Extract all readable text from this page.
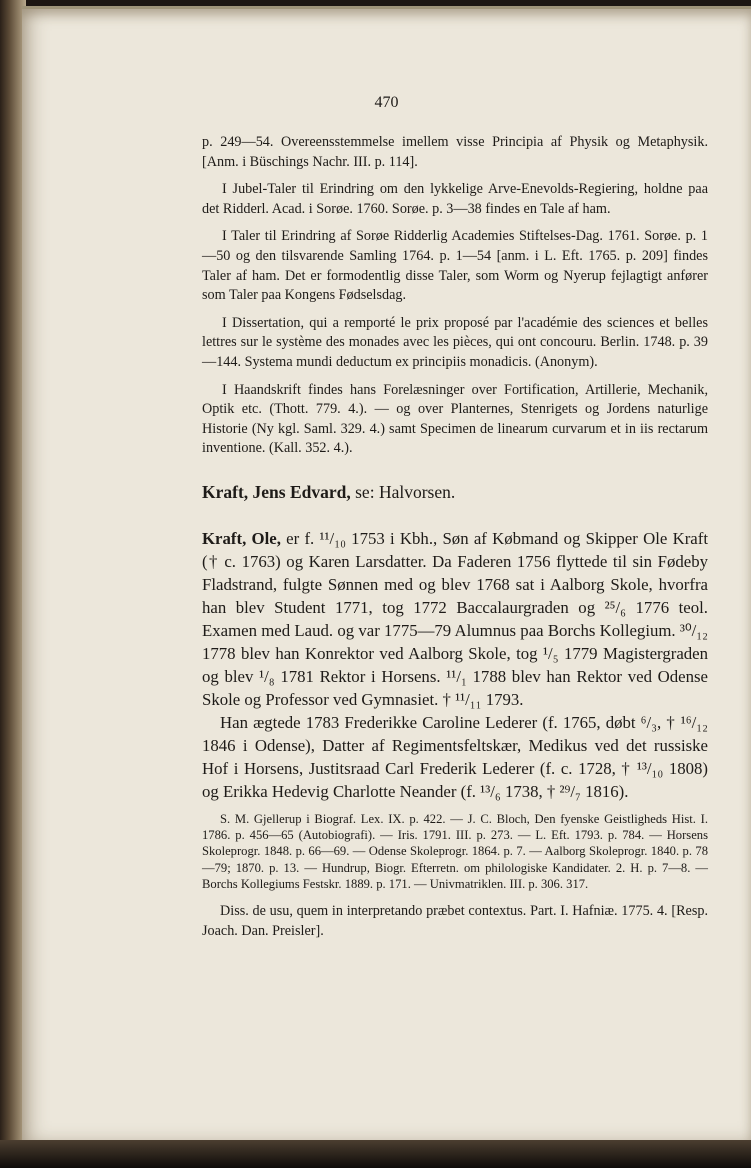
470

p. 249—54. Overeensstemmelse imellem visse Principia af Physik og Metaphysik. [Anm. i Büschings Nachr. III. p. 114].

I Jubel-Taler til Erindring om den lykkelige Arve-Enevolds-Regiering, holdne paa det Ridderl. Acad. i Sorøe. 1760. Sorøe. p. 3—38 findes en Tale af ham.

I Taler til Erindring af Sorøe Ridderlig Academies Stiftelses-Dag. 1761. Sorøe. p. 1—50 og den tilsvarende Samling 1764. p. 1—54 [anm. i L. Eft. 1765. p. 209] findes Taler af ham. Det er formodentlig disse Taler, som Worm og Nyerup fejlagtigt anfører som Taler paa Kongens Fødselsdag.

I Dissertation, qui a remporté le prix proposé par l'académie des sciences et belles lettres sur le système des monades avec les pièces, qui ont concouru. Berlin. 1748. p. 39—144. Systema mundi deductum ex principiis monadicis. (Anonym).

I Haandskrift findes hans Forelæsninger over Fortification, Artillerie, Mechanik, Optik etc. (Thott. 779. 4.). — og over Planternes, Stenrigets og Jordens naturlige Historie (Ny kgl. Saml. 329. 4.) samt Specimen de linearum curvarum et in iis rectarum inventione. (Kall. 352. 4.).

Kraft, Jens Edvard, se: Halvorsen.

Kraft, Ole, er f. ¹¹/₁₀ 1753 i Kbh., Søn af Købmand og Skipper Ole Kraft († c. 1763) og Karen Larsdatter. Da Faderen 1756 flyttede til sin Fødeby Fladstrand, fulgte Sønnen med og blev 1768 sat i Aalborg Skole, hvorfra han blev Student 1771, tog 1772 Baccalaurgraden og ²⁵/₆ 1776 teol. Examen med Laud. og var 1775—79 Alumnus paa Borchs Kollegium. ³⁰/₁₂ 1778 blev han Konrektor ved Aalborg Skole, tog ¹/₅ 1779 Magistergraden og blev ¹/₈ 1781 Rektor i Horsens. ¹¹/₁ 1788 blev han Rektor ved Odense Skole og Professor ved Gymnasiet. † ¹¹/₁₁ 1793.

Han ægtede 1783 Frederikke Caroline Lederer (f. 1765, døbt ⁶/₃, † ¹⁶/₁₂ 1846 i Odense), Datter af Regimentsfeltskær, Medikus ved det russiske Hof i Horsens, Justitsraad Carl Frederik Lederer (f. c. 1728, † ¹³/₁₀ 1808) og Erikka Hedevig Charlotte Neander (f. ¹³/₆ 1738, † ²⁹/₇ 1816).

S. M. Gjellerup i Biograf. Lex. IX. p. 422. — J. C. Bloch, Den fyenske Geistligheds Hist. I. 1786. p. 456—65 (Autobiografi). — Iris. 1791. III. p. 273. — L. Eft. 1793. p. 784. — Horsens Skoleprogr. 1848. p. 66—69. — Odense Skoleprogr. 1864. p. 7. — Aalborg Skoleprogr. 1840. p. 78—79; 1870. p. 13. — Hundrup, Biogr. Efterretn. om philologiske Kandidater. 2. H. p. 7—8. — Borchs Kollegiums Festskr. 1889. p. 171. — Univmatriklen. III. p. 306. 317.

Diss. de usu, quem in interpretando præbet contextus. Part. I. Hafniæ. 1775. 4. [Resp. Joach. Dan. Preisler].
